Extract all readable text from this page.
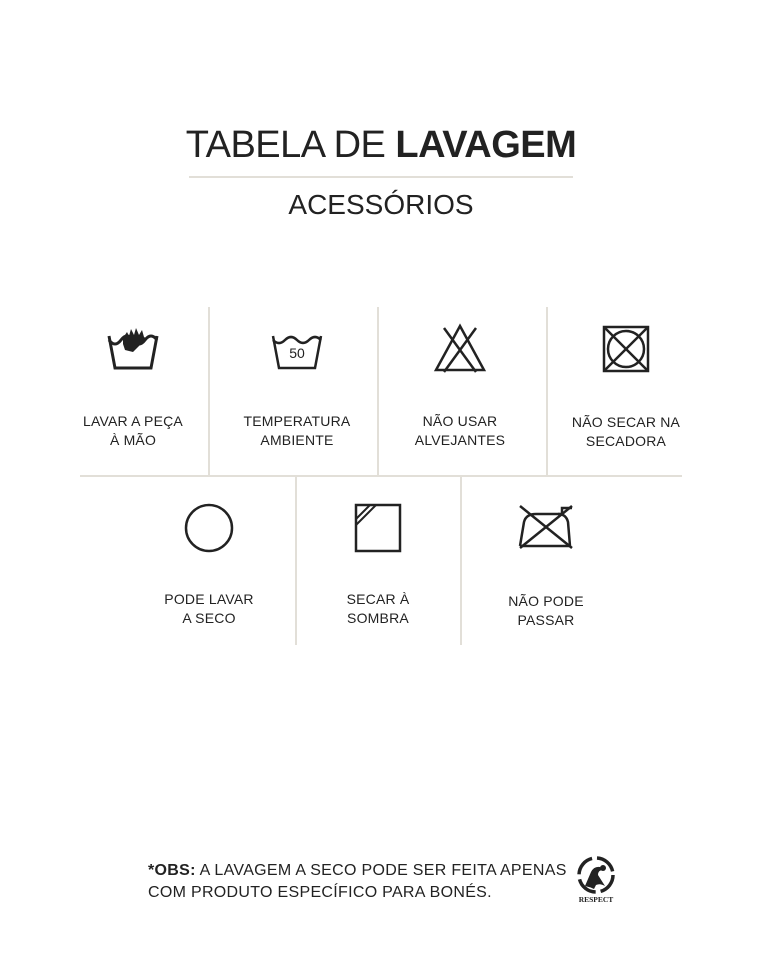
TABELA DE LAVAGEM
ACESSÓRIOS
LAVAR A PEÇA
À MÃO
50
TEMPERATURA
AMBIENTE
NÃO USAR
ALVEJANTES
NÃO SECAR NA
SECADORA
PODE LAVAR
A SECO
SECAR À
SOMBRA
NÃO PODE
PASSAR
*OBS: A LAVAGEM A SECO PODE SER FEITA APENAS COM PRODUTO ESPECÍFICO PARA BONÉS.	RESPECT
